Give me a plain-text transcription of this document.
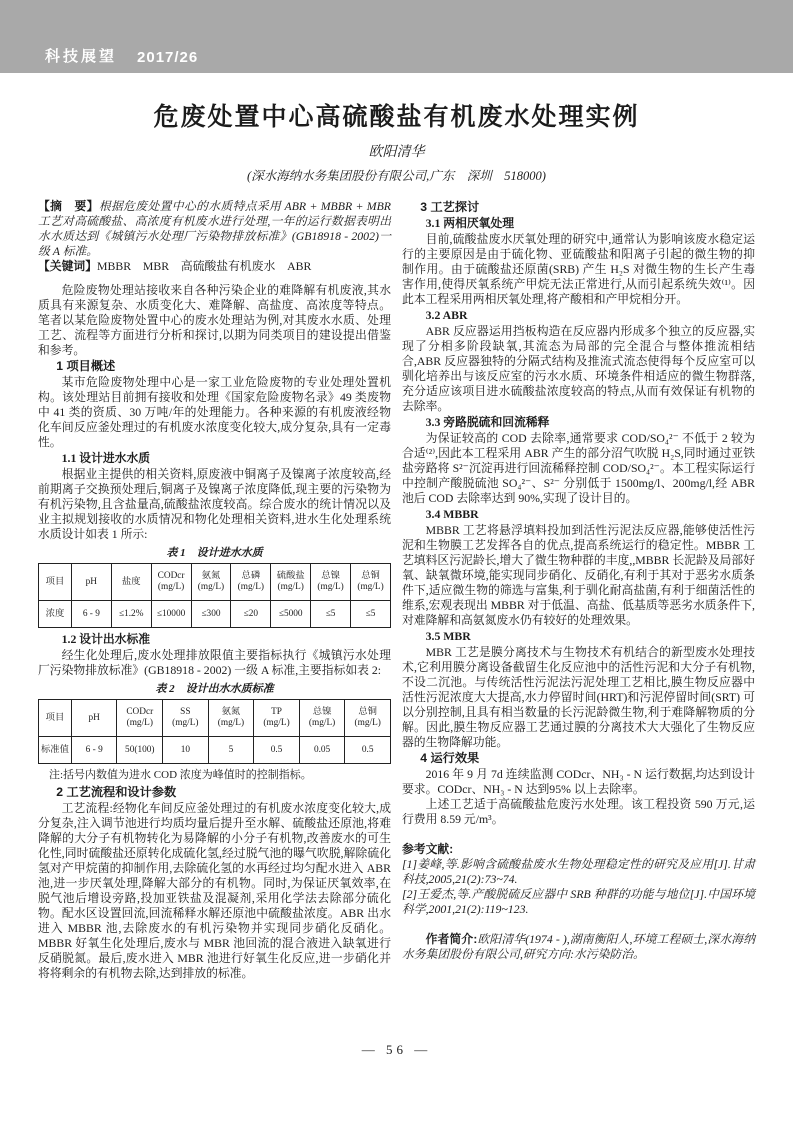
科技展望 2017/26
危废处置中心高硫酸盐有机废水处理实例
欧阳清华
(深水海纳水务集团股份有限公司,广东　深圳　518000)

【摘　要】根据危废处置中心的水质特点采用 ABR + MBBR + MBR 工艺对高硫酸盐、高浓度有机废水进行处理,一年的运行数据表明出水水质达到《城镇污水处理厂污染物排放标准》(GB18918 - 2002)一级 A 标准。

【关键词】MBBR　MBR　高硫酸盐有机废水　ABR

危险废物处理站接收来自各种污染企业的难降解有机废液,其水质具有来源复杂、水质变化大、难降解、高盐度、高浓度等特点。笔者以某危险废物处置中心的废水处理站为例,对其废水水质、处理工艺、流程等方面进行分析和探讨,以期为同类项目的建设提出借鉴和参考。

1 项目概述

某市危险废物处理中心是一家工业危险废物的专业处理处置机构。该处理站目前拥有接收和处理《国家危险废物名录》49 类废物中 41 类的资质、30 万吨/年的处理能力。各种来源的有机废液经物化车间反应釜处理过的有机废水浓度变化较大,成分复杂,具有一定毒性。

1.1 设计进水水质

根据业主提供的相关资料,原废液中铜离子及镍离子浓度较高,经前期离子交换预处理后,铜离子及镍离子浓度降低,现主要的污染物为有机污染物,且含盐量高,硫酸盐浓度较高。综合废水的统计情况以及业主拟规划接收的水质情况和物化处理相关资料,进水生化处理系统水质设计如表 1 所示:

表 1　设计进水水质
项目	pH	盐度	CODcr
(mg/L)	氨氮
(mg/L)	总磷
(mg/L)	硫酸盐
(mg/L)	总镍
(mg/L)	总铜
(mg/L)
浓度	6 - 9	≤1.2%	≤10000	≤300	≤20	≤5000	≤5	≤5
1.2 设计出水标准

经生化处理后,废水处理排放限值主要指标执行《城镇污水处理厂污染物排放标准》(GB18918 - 2002) 一级 A 标准,主要指标如表 2:

表 2　设计出水水质标准
项目	pH	CODcr
(mg/L)	SS
(mg/L)	氨氮
(mg/L)	TP
(mg/L)	总镍
(mg/L)	总铜
(mg/L)
标准值	6 - 9	50(100)	10	5	0.5	0.05	0.5
注:括号内数值为进水 COD 浓度为峰值时的控制指标。
2 工艺流程和设计参数

工艺流程:经物化车间反应釜处理过的有机废水浓度变化较大,成分复杂,注入调节池进行均质均量后提升至水解、硫酸盐还原池,将难降解的大分子有机物转化为易降解的小分子有机物,改善废水的可生化性,同时硫酸盐还原转化成硫化氢,经过脱气池的曝气吹脱,解除硫化氢对产甲烷菌的抑制作用,去除硫化氢的水再经过均匀配水进入 ABR 池,进一步厌氧处理,降解大部分的有机物。同时,为保证厌氧效率,在脱气池后增设旁路,投加亚铁盐及混凝剂,采用化学法去除部分硫化物。配水区设置回流,回流稀释水解还原池中硫酸盐浓度。ABR 出水进入 MBBR 池,去除废水的有机污染物并实现同步硝化反硝化。MBBR 好氧生化处理后,废水与 MBR 池回流的混合液进入缺氧进行反硝脱氮。最后,废水进入 MBR 池进行好氧生化反应,进一步硝化并将将剩余的有机物去除,达到排放的标准。

3 工艺探讨
3.1 两相厌氧处理

目前,硫酸盐废水厌氧处理的研究中,通常认为影响该废水稳定运行的主要原因是由于硫化物、亚硫酸盐和阳离子引起的微生物的抑制作用。由于硫酸盐还原菌(SRB) 产生 H₂S 对微生物的生长产生毒害作用,使得厌氧系统产甲烷无法正常进行,从而引起系统失效⁽¹⁾。因此本工程采用两相厌氧处理,将产酸相和产甲烷相分开。

3.2 ABR

ABR 反应器运用挡板构造在反应器内形成多个独立的反应器,实现了分相多阶段缺氧,其流态为局部的完全混合与整体推流相结合,ABR 反应器独特的分隔式结构及推流式流态使得每个反应室可以驯化培养出与该反应室的污水水质、环境条件相适应的微生物群落,充分适应该项目进水硫酸盐浓度较高的特点,从而有效保证有机物的去除率。

3.3 旁路脱硫和回流稀释

为保证较高的 COD 去除率,通常要求 COD/SO₄²⁻ 不低于 2 较为合适⁽²⁾,因此本工程采用 ABR 产生的部分沼气吹脱 H₂S,同时通过亚铁盐旁路将 S²⁻沉淀再进行回流稀释控制 COD/SO₄²⁻。本工程实际运行中控制产酸脱硫池 SO₄²⁻、S²⁻ 分别低于 1500mg/l、200mg/l,经 ABR 池后 COD 去除率达到 90%,实现了设计目的。

3.4 MBBR

MBBR 工艺将悬浮填料投加到活性污泥法反应器,能够使活性污泥和生物膜工艺发挥各自的优点,提高系统运行的稳定性。MBBR 工艺填料区污泥龄长,增大了微生物种群的丰度,,MBBR 长泥龄及局部好氧、缺氧微环境,能实现同步硝化、反硝化,有利于其对于恶劣水质条件下,适应微生物的筛选与富集,利于驯化耐高盐菌,有利于细菌活性的维系,宏观表现出 MBBR 对于低温、高盐、低基质等恶劣水质条件下,对难降解和高氨氮废水仍有较好的处理效果。

3.5 MBR

MBR 工艺是膜分离技术与生物技术有机结合的新型废水处理技术,它利用膜分离设备截留生化反应池中的活性污泥和大分子有机物,不设二沉池。与传统活性污泥法污泥处理工艺相比,膜生物反应器中活性污泥浓度大大提高,水力停留时间(HRT)和污泥停留时间(SRT) 可以分别控制,且具有相当数量的长污泥龄微生物,利于难降解物质的分解。因此,膜生物反应器工艺通过膜的分离技术大大强化了生物反应器的生物降解功能。

4 运行效果

2016 年 9 月 7d 连续监测 CODcr、NH₃ - N 运行数据,均达到设计要求。CODcr、NH₃ - N 达到95% 以上去除率。

上述工艺适于高硫酸盐危废污水处理。该工程投资 590 万元,运行费用 8.59 元/m³。

参考文献:

[1]姜峰,等.影响含硫酸盐废水生物处理稳定性的研究及应用[J].甘肃科技,2005,21(2):73~74.

[2]王爱杰,等.产酸脱硫反应器中 SRB 种群的功能与地位[J].中国环境科学,2001,21(2):119~123.

作者简介:欧阳清华(1974 - ),湖南衡阳人,环境工程硕士,深水海纳水务集团股份有限公司,研究方向:水污染防治。

— 56 —
